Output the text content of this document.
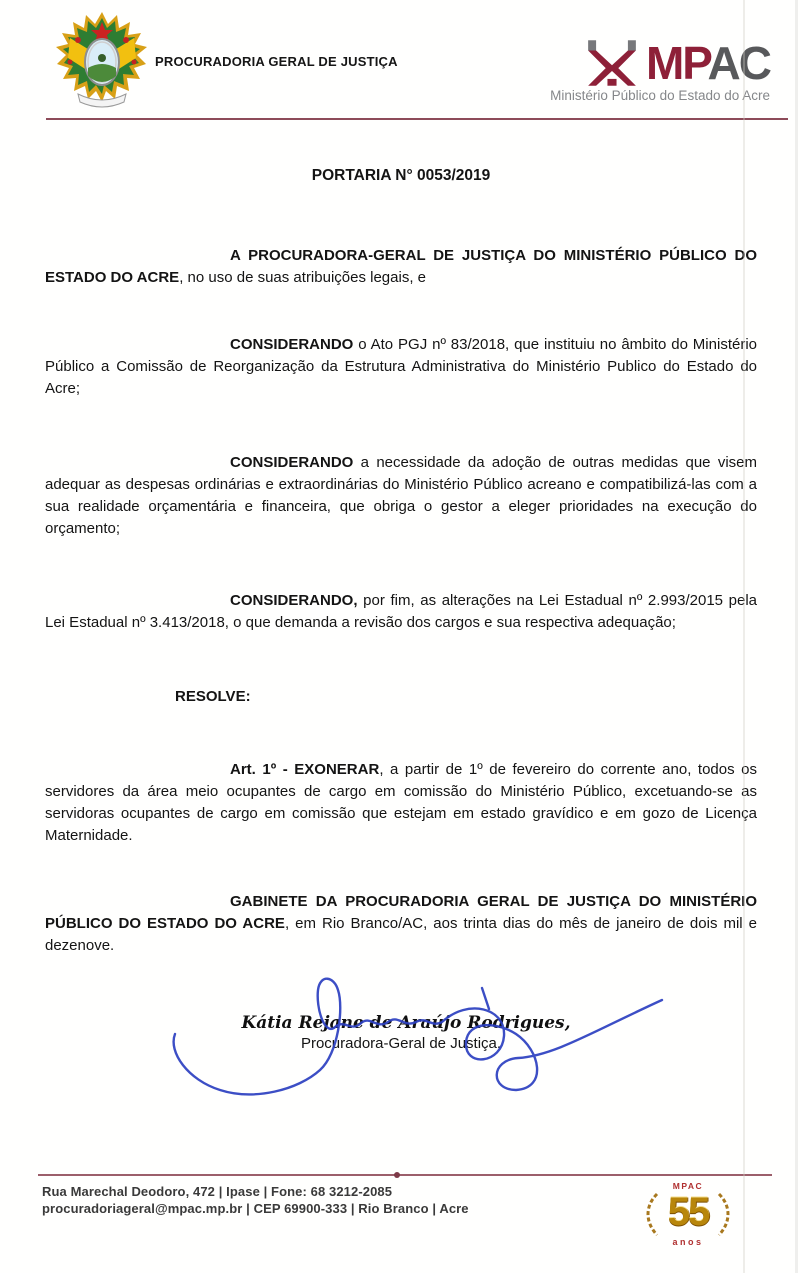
PROCURADORIA GERAL DE JUSTIÇA	MPAC
Ministério Público do Estado do Acre
PORTARIA N° 0053/2019

A PROCURADORA-GERAL DE JUSTIÇA DO MINISTÉRIO PÚBLICO DO ESTADO DO ACRE, no uso de suas atribuições legais, e

CONSIDERANDO o Ato PGJ nº 83/2018, que instituiu no âmbito do Ministério Público a Comissão de Reorganização da Estrutura Administrativa do Ministério Publico do Estado do Acre;

CONSIDERANDO a necessidade da adoção de outras medidas que visem adequar as despesas ordinárias e extraordinárias do Ministério Público acreano e compatibilizá-las com a sua realidade orçamentária e financeira, que obriga o gestor a eleger prioridades na execução do orçamento;

CONSIDERANDO, por fim, as alterações na Lei Estadual nº 2.993/2015 pela Lei Estadual nº 3.413/2018, o que demanda a revisão dos cargos e sua respectiva adequação;

RESOLVE:

Art. 1º - EXONERAR, a partir de 1º de fevereiro do corrente ano, todos os servidores da área meio ocupantes de cargo em comissão do Ministério Público, excetuando-se as servidoras ocupantes de cargo em comissão que estejam em estado gravídico e em gozo de Licença Maternidade.

GABINETE DA PROCURADORIA GERAL DE JUSTIÇA DO MINISTÉRIO PÚBLICO DO ESTADO DO ACRE, em Rio Branco/AC, aos trinta dias do mês de janeiro de dois mil e dezenove.

Kátia Rejane de Araújo Rodrigues,
Procuradora-Geral de Justiça.
Rua Marechal Deodoro, 472 | Ipase | Fone: 68 3212-2085
procuradoriageral@mpac.mp.br | CEP 69900-333 | Rio Branco | Acre
MPAC
55
anos
